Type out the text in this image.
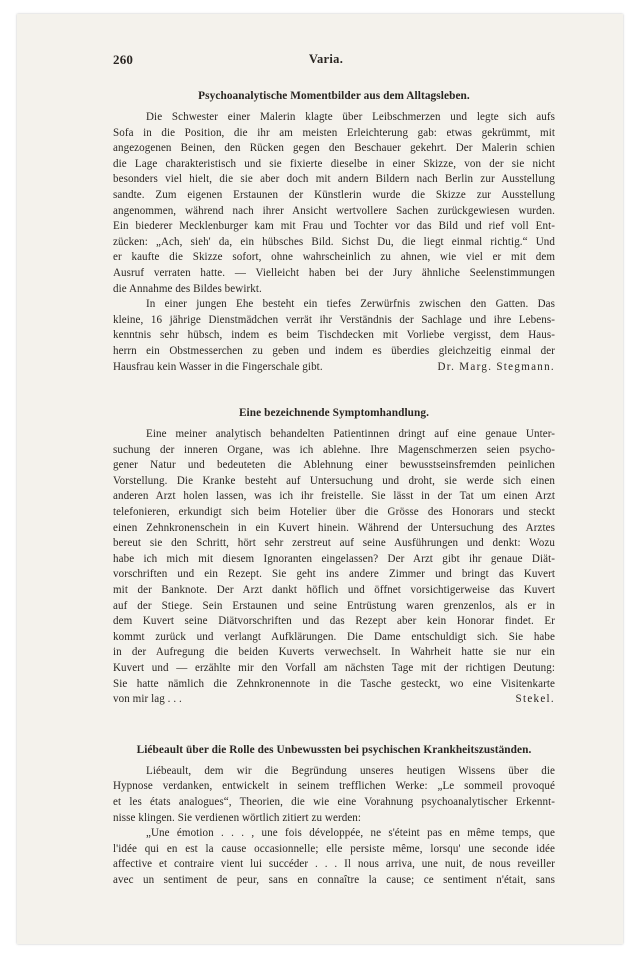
260	Varia.
Psychoanalytische Momentbilder aus dem Alltagsleben.
Die Schwester einer Malerin klagte über Leibschmerzen und legte sich aufs
Sofa in die Position, die ihr am meisten Erleichterung gab: etwas gekrümmt, mit
angezogenen Beinen, den Rücken gegen den Beschauer gekehrt. Der Malerin schien
die Lage charakteristisch und sie fixierte dieselbe in einer Skizze, von der sie nicht
besonders viel hielt, die sie aber doch mit andern Bildern nach Berlin zur Ausstellung
sandte. Zum eigenen Erstaunen der Künstlerin wurde die Skizze zur Ausstellung
angenommen, während nach ihrer Ansicht wertvollere Sachen zurückgewiesen wurden.
Ein biederer Mecklenburger kam mit Frau und Tochter vor das Bild und rief voll Ent-
zücken: „Ach, sieh' da, ein hübsches Bild. Sichst Du, die liegt einmal richtig.“ Und
er kaufte die Skizze sofort, ohne wahrscheinlich zu ahnen, wie viel er mit dem
Ausruf verraten hatte. — Vielleicht haben bei der Jury ähnliche Seelenstimmungen
die Annahme des Bildes bewirkt.
In einer jungen Ehe besteht ein tiefes Zerwürfnis zwischen den Gatten. Das
kleine, 16 jährige Dienstmädchen verrät ihr Verständnis der Sachlage und ihre Lebens-
kenntnis sehr hübsch, indem es beim Tischdecken mit Vorliebe vergisst, dem Haus-
herrn ein Obstmesserchen zu geben und indem es überdies gleichzeitig einmal der
Hausfrau kein Wasser in die Fingerschale gibt.	Dr. Marg. Stegmann.
Eine bezeichnende Symptomhandlung.
Eine meiner analytisch behandelten Patientinnen dringt auf eine genaue Unter-
suchung der inneren Organe, was ich ablehne. Ihre Magenschmerzen seien psycho-
gener Natur und bedeuteten die Ablehnung einer bewusstseinsfremden peinlichen
Vorstellung. Die Kranke besteht auf Untersuchung und droht, sie werde sich einen
anderen Arzt holen lassen, was ich ihr freistelle. Sie lässt in der Tat um einen Arzt
telefonieren, erkundigt sich beim Hotelier über die Grösse des Honorars und steckt
einen Zehnkronenschein in ein Kuvert hinein. Während der Untersuchung des Arztes
bereut sie den Schritt, hört sehr zerstreut auf seine Ausführungen und denkt: Wozu
habe ich mich mit diesem Ignoranten eingelassen? Der Arzt gibt ihr genaue Diät-
vorschriften und ein Rezept. Sie geht ins andere Zimmer und bringt das Kuvert
mit der Banknote. Der Arzt dankt höflich und öffnet vorsichtigerweise das Kuvert
auf der Stiege. Sein Erstaunen und seine Entrüstung waren grenzenlos, als er in
dem Kuvert seine Diätvorschriften und das Rezept aber kein Honorar findet. Er
kommt zurück und verlangt Aufklärungen. Die Dame entschuldigt sich. Sie habe
in der Aufregung die beiden Kuverts verwechselt. In Wahrheit hatte sie nur ein
Kuvert und — erzählte mir den Vorfall am nächsten Tage mit der richtigen Deutung:
Sie hatte nämlich die Zehnkronennote in die Tasche gesteckt, wo eine Visitenkarte
von mir lag . . .	Stekel.
Liébeault über die Rolle des Unbewussten bei psychischen Krankheitszuständen.
Liébeault, dem wir die Begründung unseres heutigen Wissens über die
Hypnose verdanken, entwickelt in seinem trefflichen Werke: „Le sommeil provoqué
et les états analogues“, Theorien, die wie eine Vorahnung psychoanalytischer Erkennt-
nisse klingen. Sie verdienen wörtlich zitiert zu werden:
„Une émotion . . . , une fois développée, ne s'éteint pas en même temps, que
l'idée qui en est la cause occasionnelle; elle persiste même, lorsqu' une seconde idée
affective et contraire vient lui succéder . . . Il nous arriva, une nuit, de nous reveiller
avec un sentiment de peur, sans en connaître la cause; ce sentiment n'était, sans
